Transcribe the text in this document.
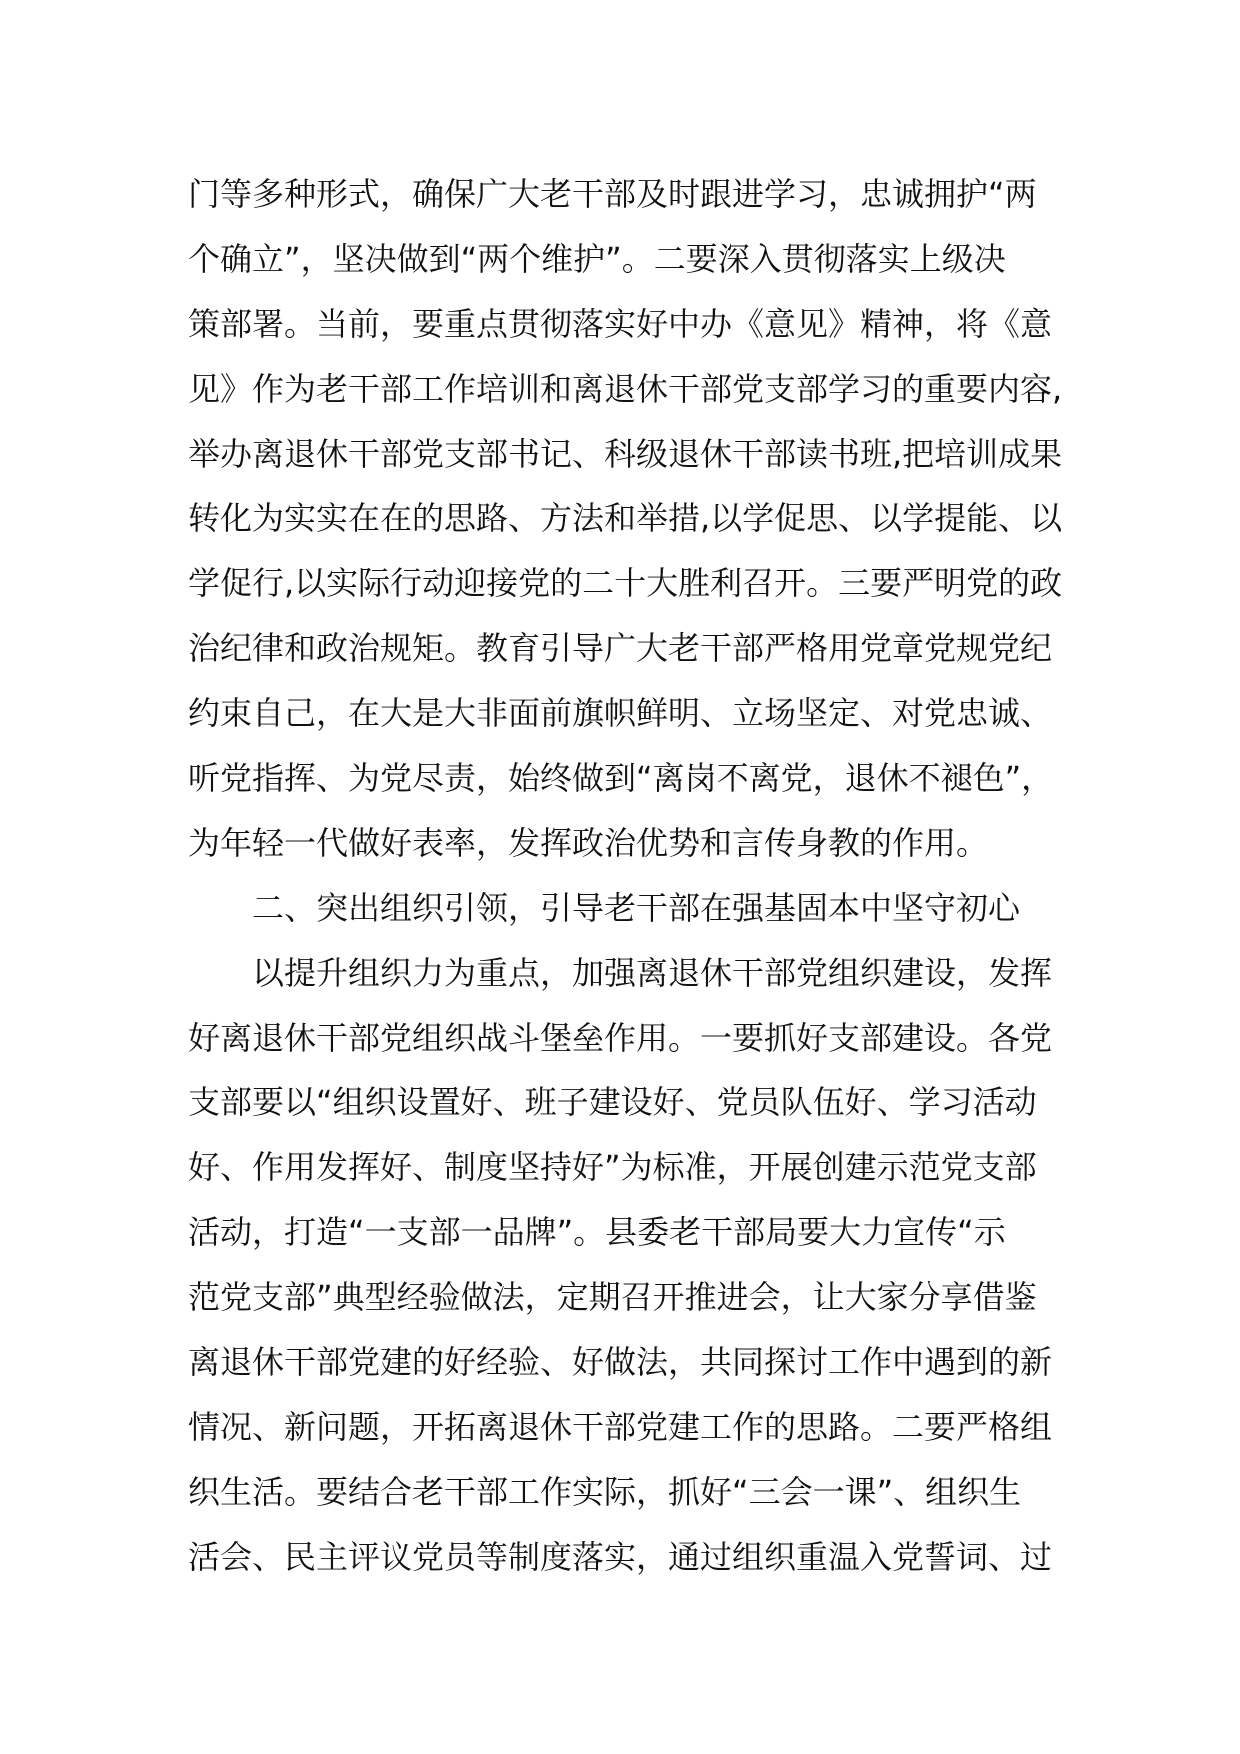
门等多种形式，确保广大老干部及时跟进学习，忠诚拥护“两
个确立”，坚决做到“两个维护”。二要深入贯彻落实上级决
策部署。当前，要重点贯彻落实好中办《意见》精神，将《意
见》作为老干部工作培训和离退休干部党支部学习的重要内容,
举办离退休干部党支部书记、科级退休干部读书班,把培训成果
转化为实实在在的思路、方法和举措,以学促思、以学提能、以
学促行,以实际行动迎接党的二十大胜利召开。三要严明党的政
治纪律和政治规矩。教育引导广大老干部严格用党章党规党纪
约束自己，在大是大非面前旗帜鲜明、立场坚定、对党忠诚、
听党指挥、为党尽责，始终做到“离岗不离党，退休不褪色”，
为年轻一代做好表率，发挥政治优势和言传身教的作用。
二、突出组织引领，引导老干部在强基固本中坚守初心
以提升组织力为重点，加强离退休干部党组织建设，发挥
好离退休干部党组织战斗堡垒作用。一要抓好支部建设。各党
支部要以“组织设置好、班子建设好、党员队伍好、学习活动
好、作用发挥好、制度坚持好”为标准，开展创建示范党支部
活动，打造“一支部一品牌”。县委老干部局要大力宣传“示
范党支部”典型经验做法，定期召开推进会，让大家分享借鉴
离退休干部党建的好经验、好做法，共同探讨工作中遇到的新
情况、新问题，开拓离退休干部党建工作的思路。二要严格组
织生活。要结合老干部工作实际，抓好“三会一课”、组织生
活会、民主评议党员等制度落实，通过组织重温入党誓词、过
